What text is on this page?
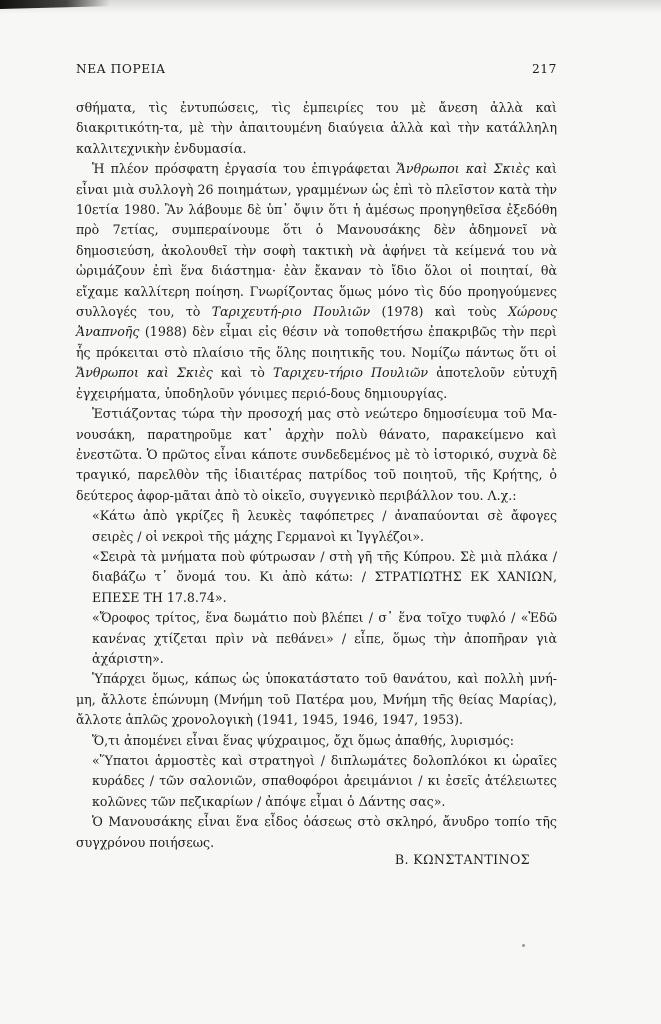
ΝΕΑ ΠΟΡΕΙΑ	217

σθήματα, τὶς ἐντυπώσεις, τὶς ἐμπειρίες του μὲ ἄνεση ἀλλὰ καὶ διακριτικότη-τα, μὲ τὴν ἀπαιτουμένη διαύγεια ἀλλὰ καὶ τὴν κατάλληλη καλλιτεχνικὴν ἐνδυμασία.

Ἡ πλέον πρόσφατη ἐργασία του ἐπιγράφεται Ἄνθρωποι καὶ Σκιὲς καὶ εἶναι μιὰ συλλογὴ 26 ποιημάτων, γραμμένων ὡς ἐπὶ τὸ πλεῖστον κατὰ τὴν 10ετία 1980. Ἂν λάβουμε δὲ ὑπ᾽ ὄψιν ὅτι ἡ ἀμέσως προηγηθεῖσα ἐξεδόθη πρὸ 7ετίας, συμπεραίνουμε ὅτι ὁ Μανουσάκης δὲν ἀδημονεῖ νὰ δημοσιεύση, ἀκολουθεῖ τὴν σοφὴ τακτικὴ νὰ ἀφήνει τὰ κείμενά του νὰ ὡριμάζουν ἐπὶ ἕνα διάστημα· ἐὰν ἔκαναν τὸ ἴδιο ὅλοι οἱ ποιηταί, θὰ εἴχαμε καλλίτερη ποίηση. Γνωρίζοντας ὅμως μόνο τὶς δύο προηγούμενες συλλογές του, τὸ Ταριχευτή-ριο Πουλιῶν (1978) καὶ τοὺς Χώρους Ἀναπνοῆς (1988) δὲν εἶμαι εἰς θέσιν νὰ τοποθετήσω ἐπακριβῶς τὴν περὶ ἧς πρόκειται στὸ πλαίσιο τῆς ὅλης ποιητικῆς του. Νομίζω πάντως ὅτι οἱ Ἄνθρωποι καὶ Σκιὲς καὶ τὸ Ταριχευ-τήριο Πουλιῶν ἀποτελοῦν εὐτυχῆ ἐγχειρήματα, ὑποδηλοῦν γόνιμες περιό-δους δημιουργίας.

Ἐστιάζοντας τώρα τὴν προσοχή μας στὸ νεώτερο δημοσίευμα τοῦ Μα-νουσάκη, παρατηροῦμε κατ᾽ ἀρχὴν πολὺ θάνατο, παρακείμενο καὶ ἐνεστῶτα. Ὁ πρῶτος εἶναι κάποτε συνδεδεμένος μὲ τὸ ἱστορικό, συχνὰ δὲ τραγικό, παρελθὸν τῆς ἰδιαιτέρας πατρίδος τοῦ ποιητοῦ, τῆς Κρήτης, ὁ δεύτερος ἀφορ-μᾶται ἀπὸ τὸ οἰκεῖο, συγγενικὸ περιβάλλον του. Λ.χ.:

«Κάτω ἀπὸ γκρίζες ἢ λευκὲς ταφόπετρες / ἀναπαύονται σὲ ἄφογες σειρὲς / οἱ νεκροὶ τῆς μάχης Γερμανοὶ κι Ἰγγλέζοι».

«Σειρὰ τὰ μνήματα ποὺ φύτρωσαν / στὴ γῆ τῆς Κύπρου. Σὲ μιὰ πλάκα / διαβάζω τ᾽ ὄνομά του. Κι ἀπὸ κάτω: / ΣΤΡΑΤΙΩΤΗΣ ΕΚ ΧΑΝΙΩΝ, ΕΠΕΣΕ ΤΗ 17.8.74».

«Ὄροφος τρίτος, ἕνα δωμάτιο ποὺ βλέπει / σ᾽ ἕνα τοῖχο τυφλό / «Ἐδῶ κανένας χτίζεται πρὶν νὰ πεθάνει» / εἶπε, ὅμως τὴν ἀποπῆραν γιὰ ἀχάριστη».

Ὑπάρχει ὅμως, κάπως ὡς ὑποκατάστατο τοῦ θανάτου, καὶ πολλὴ μνή-μη, ἄλλοτε ἐπώνυμη (Μνήμη τοῦ Πατέρα μου, Μνήμη τῆς θείας Μαρίας), ἄλλοτε ἁπλῶς χρονολογικὴ (1941, 1945, 1946, 1947, 1953).

Ὅ,τι ἀπομένει εἶναι ἕνας ψύχραιμος, ὄχι ὅμως ἀπαθής, λυρισμός:

«Ὕπατοι ἁρμοστὲς καὶ στρατηγοὶ / διπλωμάτες δολοπλόκοι κι ὡραῖες κυράδες / τῶν σαλονιῶν, σπαθοφόροι ἀρειμάνιοι / κι ἐσεῖς ἀτέλειωτες κολῶνες τῶν πεζικαρίων / ἀπόψε εἶμαι ὁ Δάντης σας».

Ὁ Μανουσάκης εἶναι ἕνα εἶδος ὀάσεως στὸ σκληρό, ἄνυδρο τοπίο τῆς συγχρόνου ποιήσεως.

Β. ΚΩΝΣΤΑΝΤΙΝΟΣ
